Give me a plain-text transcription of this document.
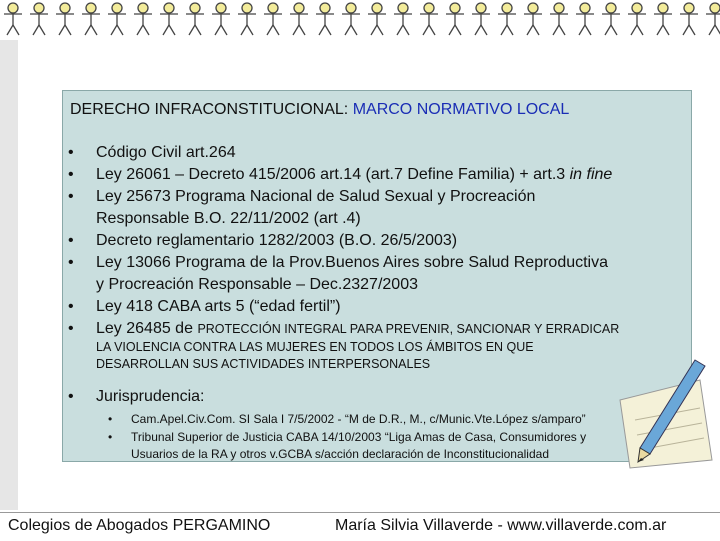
DERECHO INFRACONSTITUCIONAL: MARCO NORMATIVO LOCAL
•	Código Civil art.264
•	Ley 26061 – Decreto 415/2006 art.14 (art.7 Define Familia) + art.3 in fine
•	Ley 25673 Programa Nacional de Salud Sexual y Procreación
Responsable B.O. 22/11/2002 (art .4)
•	Decreto reglamentario 1282/2003 (B.O. 26/5/2003)
•	Ley 13066 Programa de la Prov.Buenos Aires sobre Salud Reproductiva
y Procreación Responsable – Dec.2327/2003
•	Ley 418 CABA arts 5 (“edad fertil”)
•	Ley 26485 de PROTECCIÓN INTEGRAL PARA PREVENIR, SANCIONAR Y ERRADICAR
LA VIOLENCIA CONTRA LAS MUJERES EN TODOS LOS ÁMBITOS EN QUE
DESARROLLAN SUS ACTIVIDADES INTERPERSONALES
•	Jurisprudencia:
•	Cam.Apel.Civ.Com. SI Sala I 7/5/2002 - “M de D.R., M., c/Munic.Vte.López s/amparo”
•	Tribunal Superior de Justicia CABA 14/10/2003 “Liga Amas de Casa, Consumidores y
Usuarios de la RA y otros v.GCBA s/acción declaración de Inconstitucionalidad
Colegios de Abogados PERGAMINO	María Silvia Villaverde - www.villaverde.com.ar
